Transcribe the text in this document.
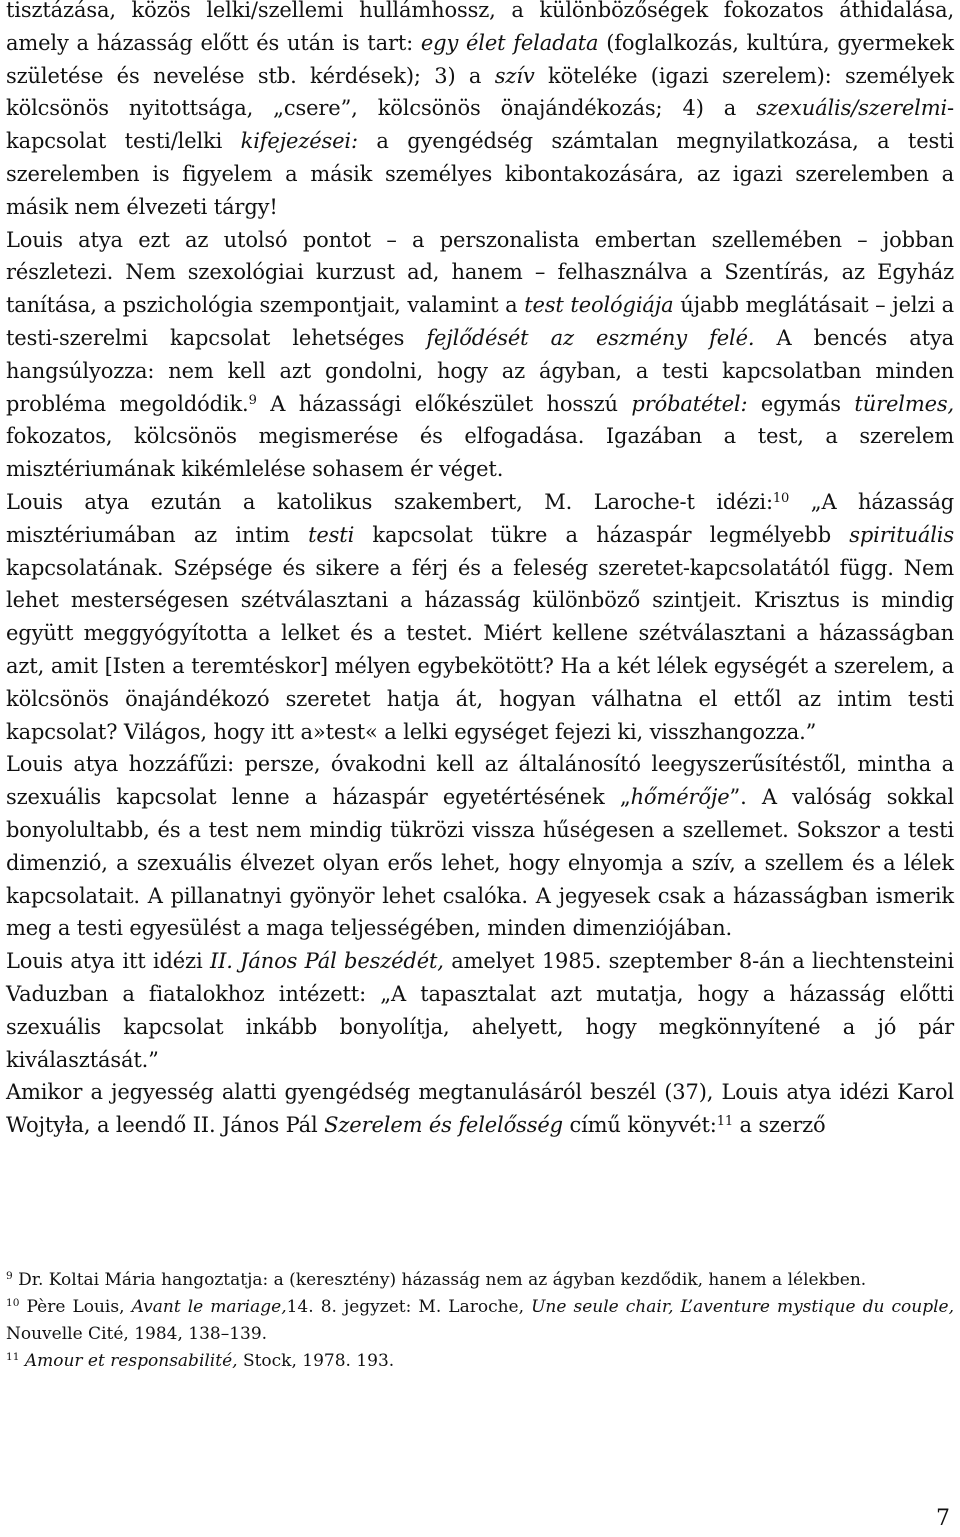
tisztázása, közös lelki/szellemi hullámhossz, a különbözőségek fokozatos áthidalása, amely a házasság előtt és után is tart: egy élet feladata (foglalkozás, kultúra, gyermekek születése és nevelése stb. kérdések); 3) a szív köteléke (igazi szerelem): személyek kölcsönös nyitottsága, „csere”, kölcsönös önajándékozás; 4) a szexuális/szerelmi-kapcsolat testi/lelki kifejezései: a gyengédség számtalan megnyilatkozása, a testi szerelemben is figyelem a másik személyes kibontakozására, az igazi szerelemben a másik nem élvezeti tárgy!

Louis atya ezt az utolsó pontot – a perszonalista embertan szellemében – jobban részletezi. Nem szexológiai kurzust ad, hanem – felhasználva a Szentírás, az Egyház tanítása, a pszichológia szempontjait, valamint a test teológiája újabb meglátásait – jelzi a testi-szerelmi kapcsolat lehetséges fejlődését az eszmény felé. A bencés atya hangsúlyozza: nem kell azt gondolni, hogy az ágyban, a testi kapcsolatban minden probléma megoldódik.$^9$ A házassági előkészület hosszú próbatétel: egymás türelmes, fokozatos, kölcsönös megismerése és elfogadása. Igazában a test, a szerelem misztériumának kikémlelése sohasem ér véget.

Louis atya ezután a katolikus szakembert, M. Laroche-t idézi:$^{10}$ „A házasság misztériumában az intim testi kapcsolat tükre a házaspár legmélyebb spirituális kapcsolatának. Szépsége és sikere a férj és a feleség szeretet-kapcsolatától függ. Nem lehet mesterségesen szétválasztani a házasság különböző szintjeit. Krisztus is mindig együtt meggyógyította a lelket és a testet. Miért kellene szétválasztani a házasságban azt, amit [Isten a teremtéskor] mélyen egybekötött? Ha a két lélek egységét a szerelem, a kölcsönös önajándékozó szeretet hatja át, hogyan válhatna el ettől az intim testi kapcsolat? Világos, hogy itt a»test« a lelki egységet fejezi ki, visszhangozza.”

Louis atya hozzáfűzi: persze, óvakodni kell az általánosító leegyszerűsítéstől, mintha a szexuális kapcsolat lenne a házaspár egyetértésének „hőmérője”. A valóság sokkal bonyolultabb, és a test nem mindig tükrözi vissza hűségesen a szellemet. Sokszor a testi dimenzió, a szexuális élvezet olyan erős lehet, hogy elnyomja a szív, a szellem és a lélek kapcsolatait. A pillanatnyi gyönyör lehet csalóka. A jegyesek csak a házasságban ismerik meg a testi egyesülést a maga teljességében, minden dimenziójában.

Louis atya itt idézi II. János Pál beszédét, amelyet 1985. szeptember 8-án a liechtensteini Vaduzban a fiatalokhoz intézett: „A tapasztalat azt mutatja, hogy a házasság előtti szexuális kapcsolat inkább bonyolítja, ahelyett, hogy megkönnyítené a jó pár kiválasztását.”

Amikor a jegyesség alatti gyengédség megtanulásáról beszél (37), Louis atya idézi Karol Wojtyła, a leendő II. János Pál Szerelem és felelősség című könyvét:$^{11}$ a szerző

$^9$ Dr. Koltai Mária hangoztatja: a (keresztény) házasság nem az ágyban kezdődik, hanem a lélekben.

$^{10}$ Père Louis, Avant le mariage,14. 8. jegyzet: M. Laroche, Une seule chair, L’aventure mystique du couple, Nouvelle Cité, 1984, 138–139.

$^{11}$ Amour et responsabilité, Stock, 1978. 193.

7
